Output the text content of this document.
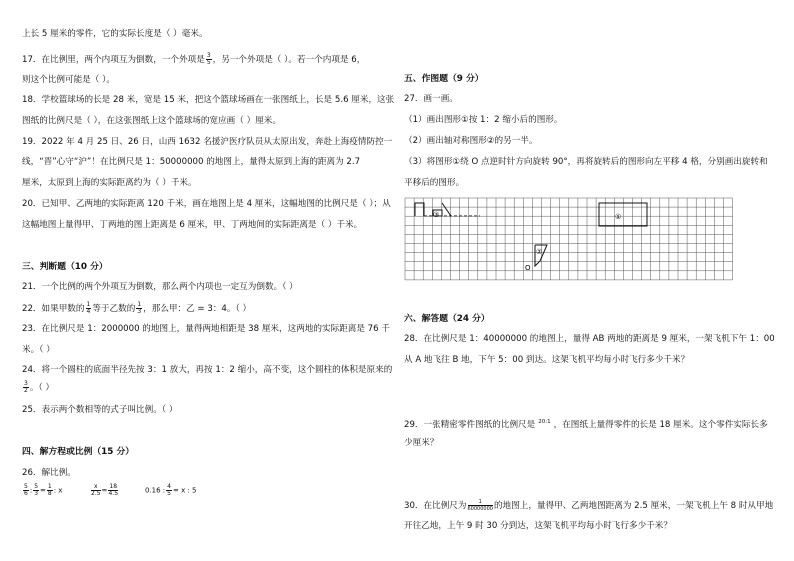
上长 5 厘米的零件，它的实际长度是（ ）毫米。
17．在比例里，两个内项互为倒数，一个外项是 $\frac{3}{5}$ ，另一个外项是（ ）。若一个内项是 6，
则这个比例可能是（ ）。
18．学校篮球场的长是 28 米，宽是 15 米，把这个篮球场画在一张图纸上，长是 5.6 厘米，这张
图纸的比例尺是（ ），在这张图纸上这个篮球场的宽应画（ ）厘米。
19．2022 年 4 月 25 日、26 日，山西 1632 名援沪医疗队员从太原出发，奔赴上海疫情防控一
线，“晋”心守“沪”！在比例尺是 1：50000000 的地图上，量得太原到上海的距离为 2.7
厘米，太原到上海的实际距离约为（ ）千米。
20．已知甲、乙两地的实际距离 120 千米，画在地图上是 4 厘米，这幅地图的比例尺是（ ）；从
这幅地图上量得甲、丁两地的图上距离是 6 厘米，甲、丁两地间的实际距离是（ ）千米。
三、判断题（10 分）
21．一个比例的两个外项互为倒数，那么两个内项也一定互为倒数。（ ）
22．如果甲数的 $\frac{1}{4}$ 等于乙数的 $\frac{1}{3}$ ，那么甲：乙 = 3：4。（ ）
23．在比例尺是 1：2000000 的地图上，量得两地相距是 38 厘米，这两地的实际距离是 76 千
米。（ ）
24．将一个圆柱的底面半径先按 3：1 放大，再按 1：2 缩小，高不变，这个圆柱的体积是原来的
$\frac{3}{2}$ 。（ ）
25．表示两个数相等的式子叫比例。（ ）
四、解方程或比例（15 分）
26．解比例。
$\frac{5}{6}$ : $\frac{5}{3} = \frac{1}{8}$ : x	$\frac{x}{2.5} = \frac{18}{4.5}$	0.16 : $\frac{4}{5} = x$ : 5
五、作图题（9 分）
27．画一画。
（1）画出图形①按 1：2 缩小后的图形。
（2）画出轴对称图形②的另一半。
（3）将图形①绕 O 点逆时针方向旋转 90°，再将旋转后的图形向左平移 4 格，分别画出旋转和
平移后的图形。
③	①
②
O
六、解答题（24 分）
28．在比例尺是 1：40000000 的地图上，量得 AB 两地的距离是 9 厘米，一架飞机下午 1：00
从 A 地飞往 B 地，下午 5：00 到达。这架飞机平均每小时飞行多少千米？
29．一张精密零件图纸的比例尺是 $^{20:1}$ ，在图纸上量得零件的长是 18 厘米。这个零件实际长多
少厘米？
30．在比例尺为 $\frac{1}{60000000}$ 的地图上，量得甲、乙两地图距离为 2.5 厘米，一架飞机上午 8 时从甲地
开往乙地，上午 9 时 30 分到达，这架飞机平均每小时飞行多少千米？
